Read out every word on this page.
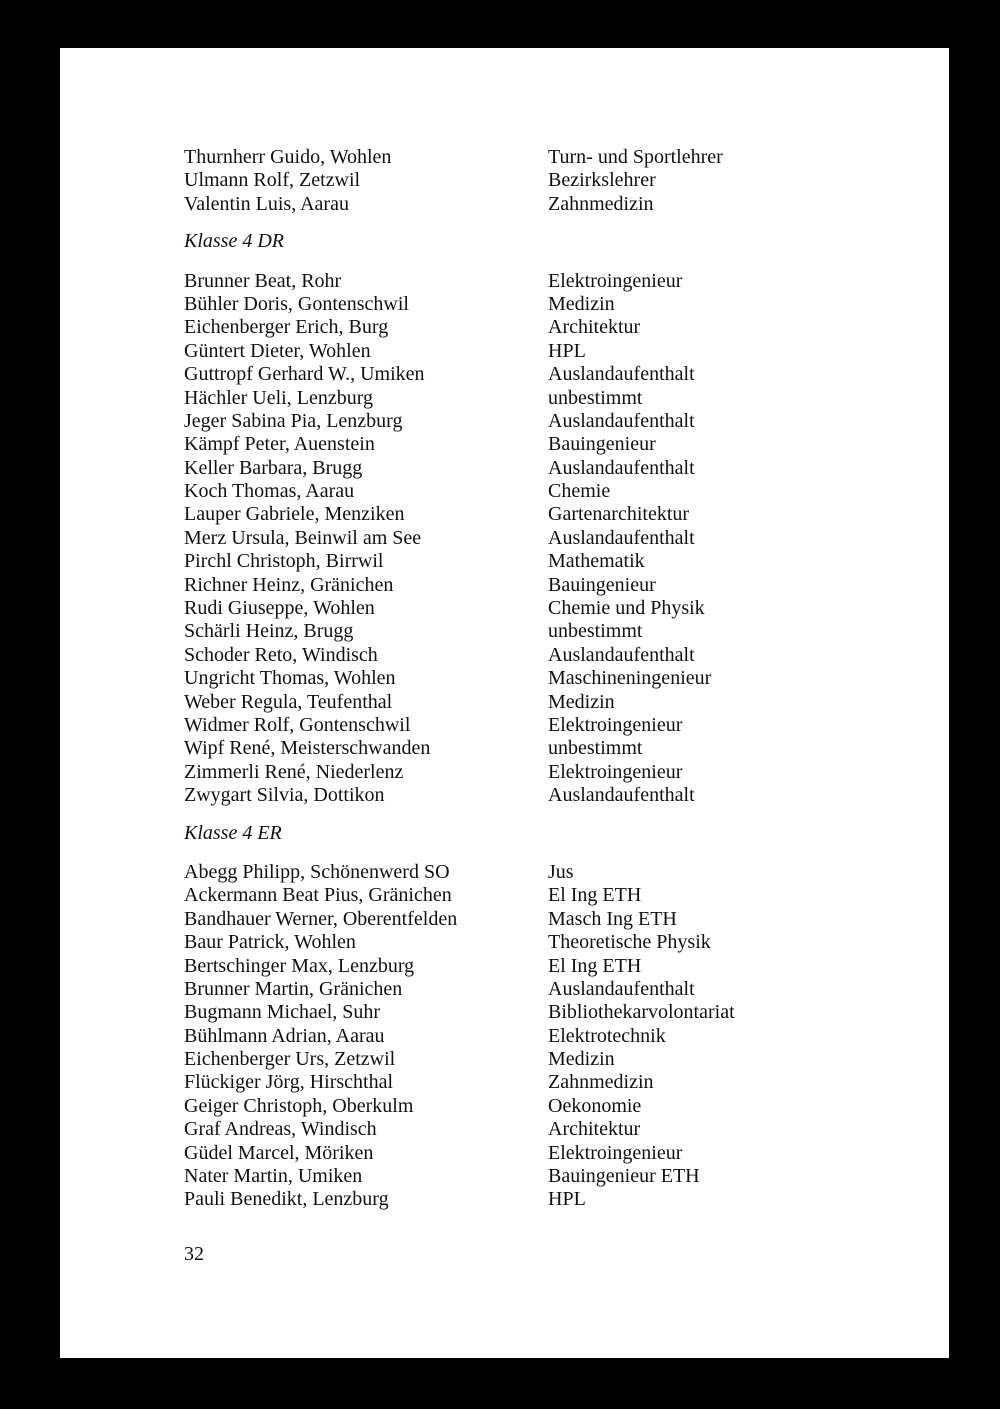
Thurnherr Guido, Wohlen	Turn- und Sportlehrer
Ulmann Rolf, Zetzwil	Bezirkslehrer
Valentin Luis, Aarau	Zahnmedizin
Klasse 4 DR
Brunner Beat, Rohr	Elektroingenieur
Bühler Doris, Gontenschwil	Medizin
Eichenberger Erich, Burg	Architektur
Güntert Dieter, Wohlen	HPL
Guttropf Gerhard W., Umiken	Auslandaufenthalt
Hächler Ueli, Lenzburg	unbestimmt
Jeger Sabina Pia, Lenzburg	Auslandaufenthalt
Kämpf Peter, Auenstein	Bauingenieur
Keller Barbara, Brugg	Auslandaufenthalt
Koch Thomas, Aarau	Chemie
Lauper Gabriele, Menziken	Gartenarchitektur
Merz Ursula, Beinwil am See	Auslandaufenthalt
Pirchl Christoph, Birrwil	Mathematik
Richner Heinz, Gränichen	Bauingenieur
Rudi Giuseppe, Wohlen	Chemie und Physik
Schärli Heinz, Brugg	unbestimmt
Schoder Reto, Windisch	Auslandaufenthalt
Ungricht Thomas, Wohlen	Maschineningenieur
Weber Regula, Teufenthal	Medizin
Widmer Rolf, Gontenschwil	Elektroingenieur
Wipf René, Meisterschwanden	unbestimmt
Zimmerli René, Niederlenz	Elektroingenieur
Zwygart Silvia, Dottikon	Auslandaufenthalt
Klasse 4 ER
Abegg Philipp, Schönenwerd SO	Jus
Ackermann Beat Pius, Gränichen	El Ing ETH
Bandhauer Werner, Oberentfelden	Masch Ing ETH
Baur Patrick, Wohlen	Theoretische Physik
Bertschinger Max, Lenzburg	El Ing ETH
Brunner Martin, Gränichen	Auslandaufenthalt
Bugmann Michael, Suhr	Bibliothekarvolontariat
Bühlmann Adrian, Aarau	Elektrotechnik
Eichenberger Urs, Zetzwil	Medizin
Flückiger Jörg, Hirschthal	Zahnmedizin
Geiger Christoph, Oberkulm	Oekonomie
Graf Andreas, Windisch	Architektur
Güdel Marcel, Möriken	Elektroingenieur
Nater Martin, Umiken	Bauingenieur ETH
Pauli Benedikt, Lenzburg	HPL
32
